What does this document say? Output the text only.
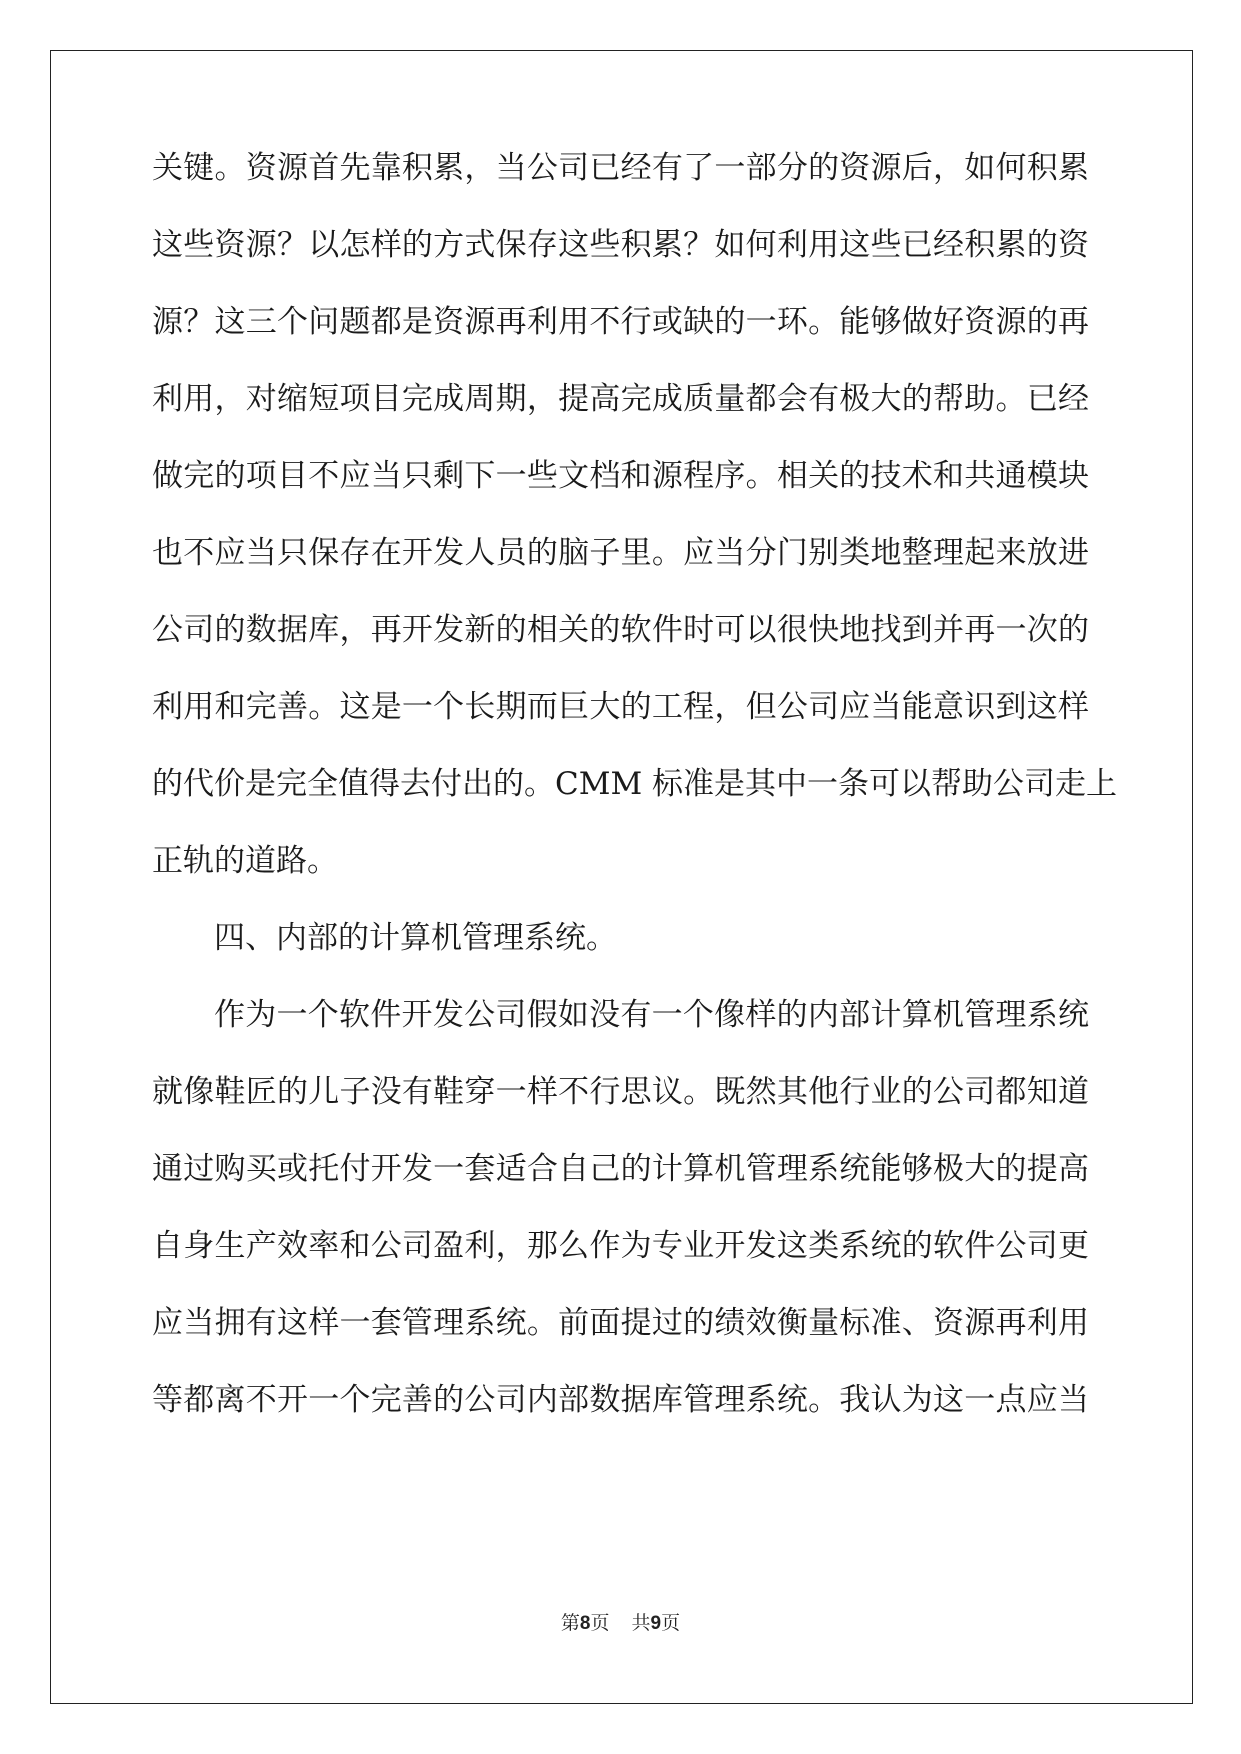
关键。资源首先靠积累，当公司已经有了一部分的资源后，如何积累
这些资源？以怎样的方式保存这些积累？如何利用这些已经积累的资
源？这三个问题都是资源再利用不行或缺的一环。能够做好资源的再
利用，对缩短项目完成周期，提高完成质量都会有极大的帮助。已经
做完的项目不应当只剩下一些文档和源程序。相关的技术和共通模块
也不应当只保存在开发人员的脑子里。应当分门别类地整理起来放进
公司的数据库，再开发新的相关的软件时可以很快地找到并再一次的
利用和完善。这是一个长期而巨大的工程，但公司应当能意识到这样
的代价是完全值得去付出的。CMM 标准是其中一条可以帮助公司走上
正轨的道路。
四、内部的计算机管理系统。
作为一个软件开发公司假如没有一个像样的内部计算机管理系统
就像鞋匠的儿子没有鞋穿一样不行思议。既然其他行业的公司都知道
通过购买或托付开发一套适合自己的计算机管理系统能够极大的提高
自身生产效率和公司盈利，那么作为专业开发这类系统的软件公司更
应当拥有这样一套管理系统。前面提过的绩效衡量标准、资源再利用
等都离不开一个完善的公司内部数据库管理系统。我认为这一点应当
第8页 共9页
